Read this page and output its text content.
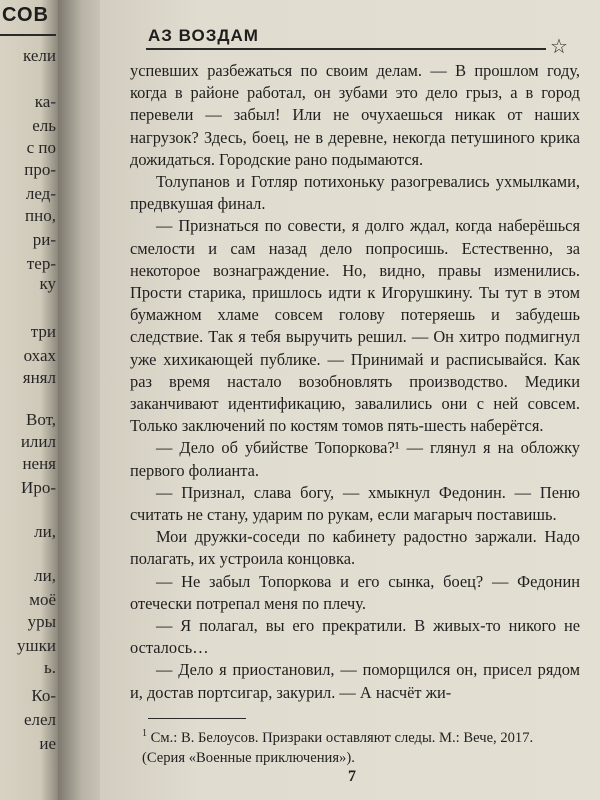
СОВ
кели
ка-
ель
с по
про-
лед-
пно,
ри-
тер-
ку
три
охах
янял
Вот,
илил
неня
Иро-
ли,
ли,
моё
уры
ушки
ь.
Ко-
елел
ие
АЗ ВОЗДАМ
☆

успевших разбежаться по своим делам. — В прошлом году, когда в районе работал, он зубами это дело грыз, а в город перевели — забыл! Или не очухаешься никак от наших нагрузок? Здесь, боец, не в деревне, некогда петушиного крика дожидаться. Городские рано подымаются.

Толупанов и Готляр потихоньку разогревались ухмылками, предвкушая финал.

— Признаться по совести, я долго ждал, когда наберёшься смелости и сам назад дело попросишь. Естественно, за некоторое вознаграждение. Но, видно, правы изменились. Прости старика, пришлось идти к Игорушкину. Ты тут в этом бумажном хламе совсем голову потеряешь и забудешь следствие. Так я тебя выручить решил. — Он хитро подмигнул уже хихикающей публике. — Принимай и расписывайся. Как раз время настало возобновлять производство. Медики заканчивают идентификацию, завалились они с ней совсем. Только заключений по костям томов пять-шесть наберётся.

— Дело об убийстве Топоркова?¹ — глянул я на обложку первого фолианта.

— Признал, слава богу, — хмыкнул Федонин. — Пеню считать не стану, ударим по рукам, если магарыч поставишь.

Мои дружки-соседи по кабинету радостно заржали. Надо полагать, их устроила концовка.

— Не забыл Топоркова и его сынка, боец? — Федонин отечески потрепал меня по плечу.

— Я полагал, вы его прекратили. В живых-то никого не осталось…

— Дело я приостановил, — поморщился он, присел рядом и, достав портсигар, закурил. — А насчёт жи-

$^1$ См.: В. Белоусов. Призраки оставляют следы. М.: Вече, 2017. (Серия «Военные приключения»).
7
